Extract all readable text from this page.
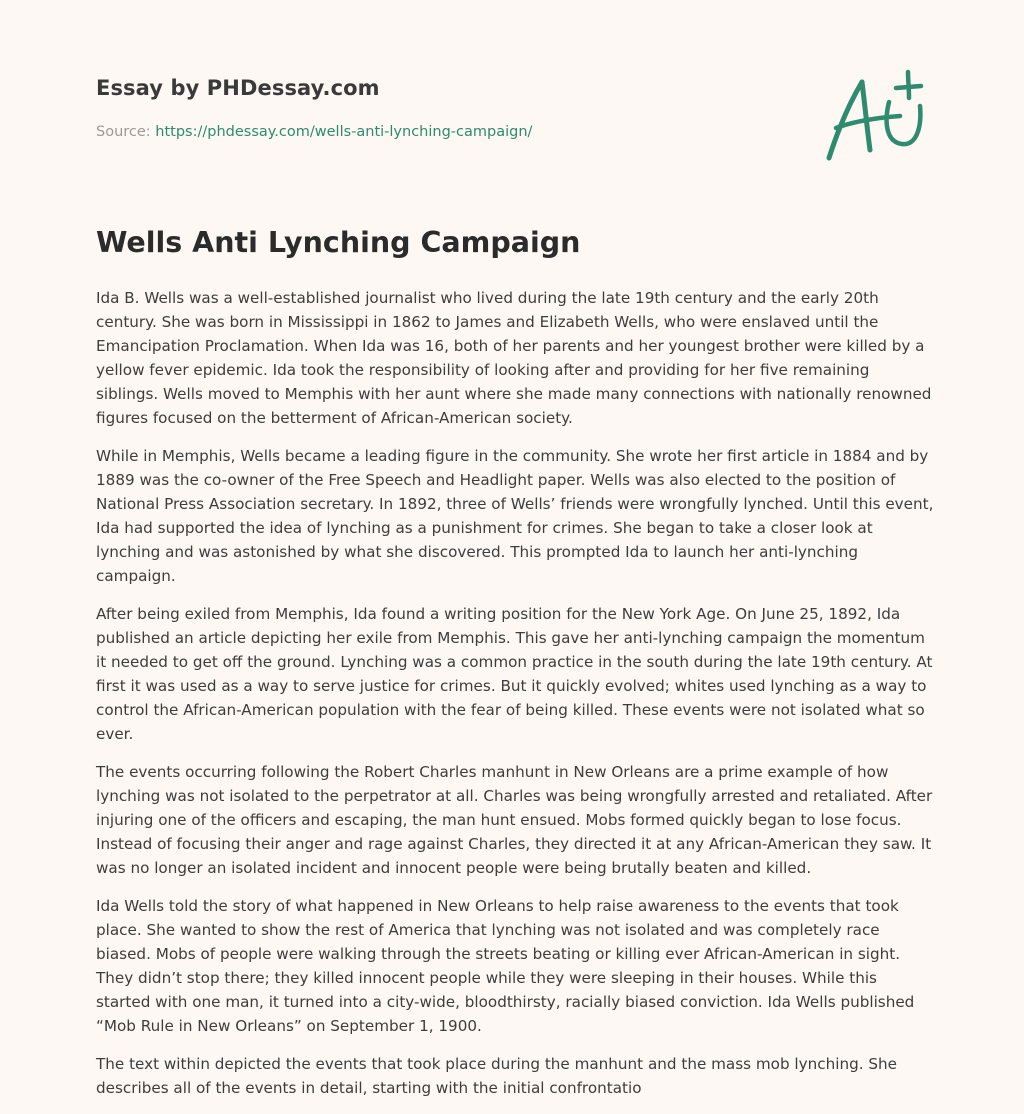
Essay by PHDessay.com

Source: https://phdessay.com/wells-anti-lynching-campaign/

Wells Anti Lynching Campaign

Ida B. Wells was a well-established journalist who lived during the late 19th century and the early 20th century. She was born in Mississippi in 1862 to James and Elizabeth Wells, who were enslaved until the Emancipation Proclamation. When Ida was 16, both of her parents and her youngest brother were killed by a yellow fever epidemic. Ida took the responsibility of looking after and providing for her five remaining siblings. Wells moved to Memphis with her aunt where she made many connections with nationally renowned figures focused on the betterment of African-American society.

While in Memphis, Wells became a leading figure in the community. She wrote her first article in 1884 and by 1889 was the co-owner of the Free Speech and Headlight paper. Wells was also elected to the position of National Press Association secretary. In 1892, three of Wells’ friends were wrongfully lynched. Until this event, Ida had supported the idea of lynching as a punishment for crimes. She began to take a closer look at lynching and was astonished by what she discovered. This prompted Ida to launch her anti-lynching campaign.

After being exiled from Memphis, Ida found a writing position for the New York Age. On June 25, 1892, Ida published an article depicting her exile from Memphis. This gave her anti-lynching campaign the momentum it needed to get off the ground. Lynching was a common practice in the south during the late 19th century. At first it was used as a way to serve justice for crimes. But it quickly evolved; whites used lynching as a way to control the African-American population with the fear of being killed. These events were not isolated what so ever.

The events occurring following the Robert Charles manhunt in New Orleans are a prime example of how lynching was not isolated to the perpetrator at all. Charles was being wrongfully arrested and retaliated. After injuring one of the officers and escaping, the man hunt ensued. Mobs formed quickly began to lose focus. Instead of focusing their anger and rage against Charles, they directed it at any African-American they saw. It was no longer an isolated incident and innocent people were being brutally beaten and killed.

Ida Wells told the story of what happened in New Orleans to help raise awareness to the events that took place. She wanted to show the rest of America that lynching was not isolated and was completely race biased. Mobs of people were walking through the streets beating or killing ever African-American in sight. They didn’t stop there; they killed innocent people while they were sleeping in their houses. While this started with one man, it turned into a city-wide, bloodthirsty, racially biased conviction. Ida Wells published “Mob Rule in New Orleans” on September 1, 1900.

The text within depicted the events that took place during the manhunt and the mass mob lynching. She describes all of the events in detail, starting with the initial confrontatio
